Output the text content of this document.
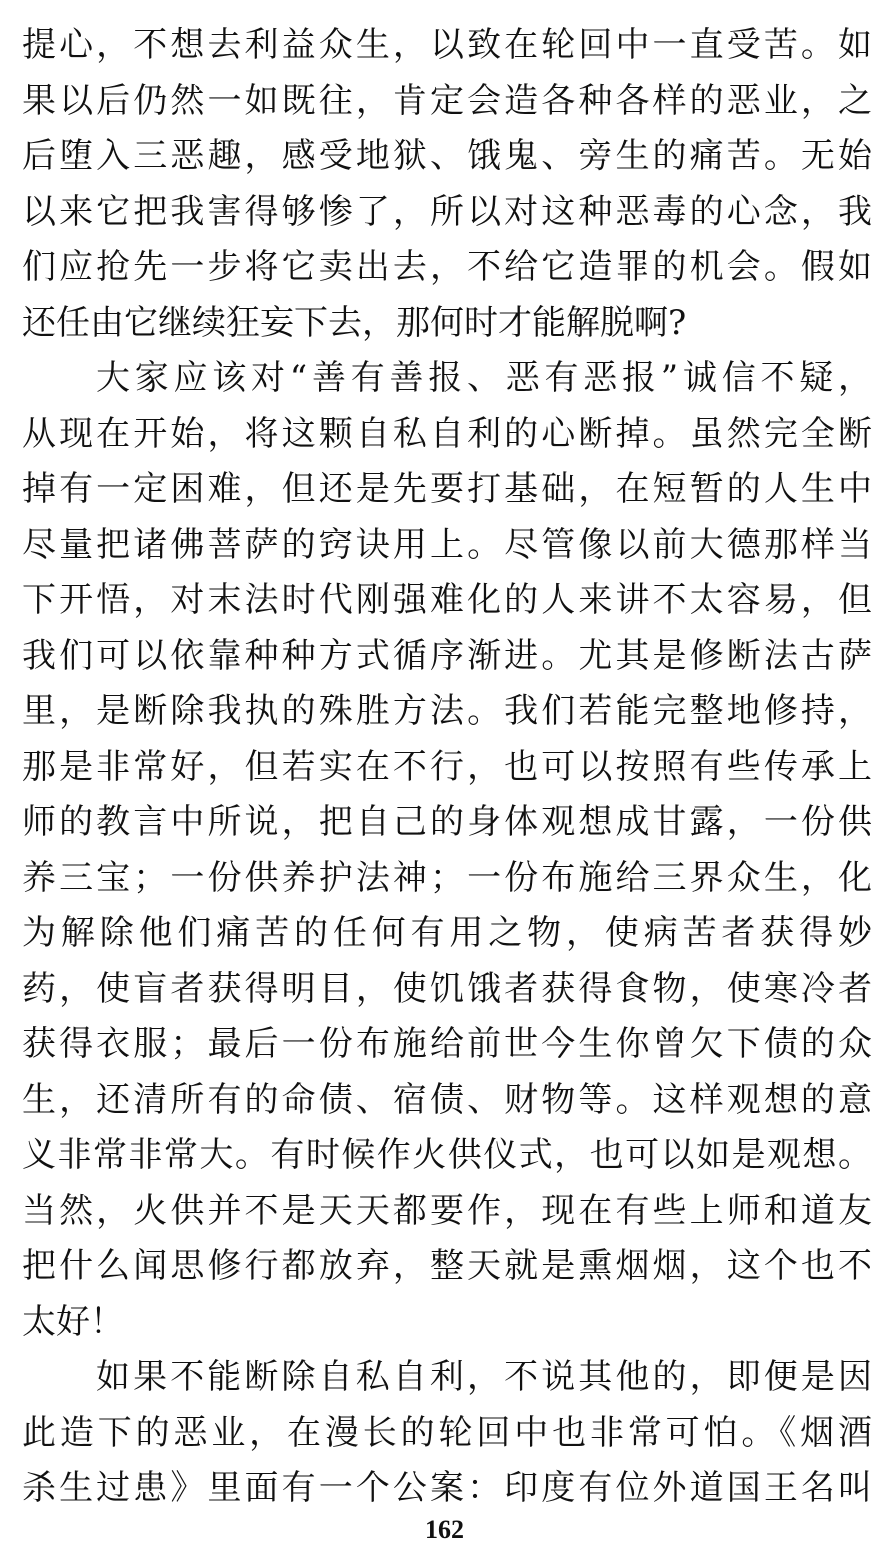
提心，不想去利益众生，以致在轮回中一直受苦。如
果以后仍然一如既往，肯定会造各种各样的恶业，之
后堕入三恶趣，感受地狱、饿鬼、旁生的痛苦。无始
以来它把我害得够惨了，所以对这种恶毒的心念，我
们应抢先一步将它卖出去，不给它造罪的机会。假如
还任由它继续狂妄下去，那何时才能解脱啊?
大家应该对“善有善报、恶有恶报”诚信不疑，
从现在开始，将这颗自私自利的心断掉。虽然完全断
掉有一定困难，但还是先要打基础，在短暂的人生中
尽量把诸佛菩萨的窍诀用上。尽管像以前大德那样当
下开悟，对末法时代刚强难化的人来讲不太容易，但
我们可以依靠种种方式循序渐进。尤其是修断法古萨
里，是断除我执的殊胜方法。我们若能完整地修持，
那是非常好，但若实在不行，也可以按照有些传承上
师的教言中所说，把自己的身体观想成甘露，一份供
养三宝；一份供养护法神；一份布施给三界众生，化
为解除他们痛苦的任何有用之物，使病苦者获得妙
药，使盲者获得明目，使饥饿者获得食物，使寒冷者
获得衣服；最后一份布施给前世今生你曾欠下债的众
生，还清所有的命债、宿债、财物等。这样观想的意
义非常非常大。有时候作火供仪式，也可以如是观想。
当然，火供并不是天天都要作，现在有些上师和道友
把什么闻思修行都放弃，整天就是熏烟烟，这个也不
太好！
如果不能断除自私自利，不说其他的，即便是因
此造下的恶业，在漫长的轮回中也非常可怕。《烟酒
杀生过患》里面有一个公案：印度有位外道国王名叫
162
